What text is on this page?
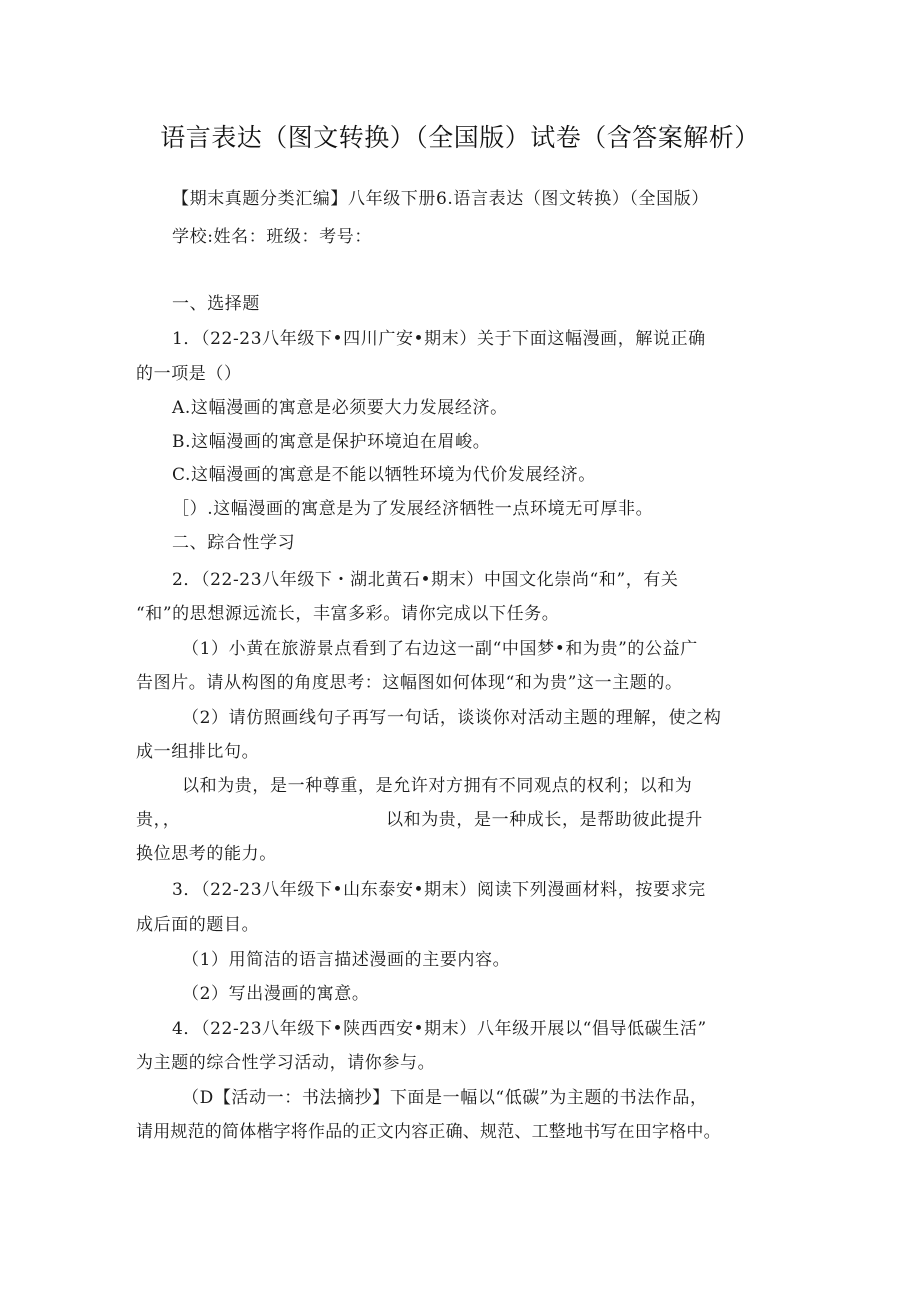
语言表达（图文转换）（全国版）试卷（含答案解析）
【期末真题分类汇编】八年级下册6.语言表达（图文转换）（全国版）
学校:姓名：班级：考号：
一、选择题
1．（22-23八年级下•四川广安•期末）关于下面这幅漫画，解说正确
的一项是（）
A.这幅漫画的寓意是必须要大力发展经济。
B.这幅漫画的寓意是保护环境迫在眉峻。
C.这幅漫画的寓意是不能以牺牲环境为代价发展经济。
［）.这幅漫画的寓意是为了发展经济牺牲一点环境无可厚非。
二、踪合性学习
2．（22-23八年级下・湖北黄石•期末）中国文化崇尚“和”，有关
“和”的思想源远流长，丰富多彩。请你完成以下任务。
（1）小黄在旅游景点看到了右边这一副“中国梦•和为贵”的公益广
告图片。请从构图的角度思考：这幅图如何体现“和为贵”这一主题的。
（2）请仿照画线句子再写一句话，谈谈你对活动主题的理解，使之构
成一组排比句。
以和为贵，是一种尊重，是允许对方拥有不同观点的权利；以和为
贵，，	以和为贵，是一种成长，是帮助彼此提升
换位思考的能力。
3．（22-23八年级下•山东泰安•期末）阅读下列漫画材料，按要求完
成后面的题目。
（1）用简洁的语言描述漫画的主要内容。
（2）写出漫画的寓意。
4．（22-23八年级下•陕西西安•期末）八年级开展以“倡导低碳生活”
为主题的综合性学习活动，请你参与。
（D【活动一：书法摘抄】下面是一幅以“低碳”为主题的书法作品，
请用规范的简体楷字将作品的正文内容正确、规范、工整地书写在田字格中。
